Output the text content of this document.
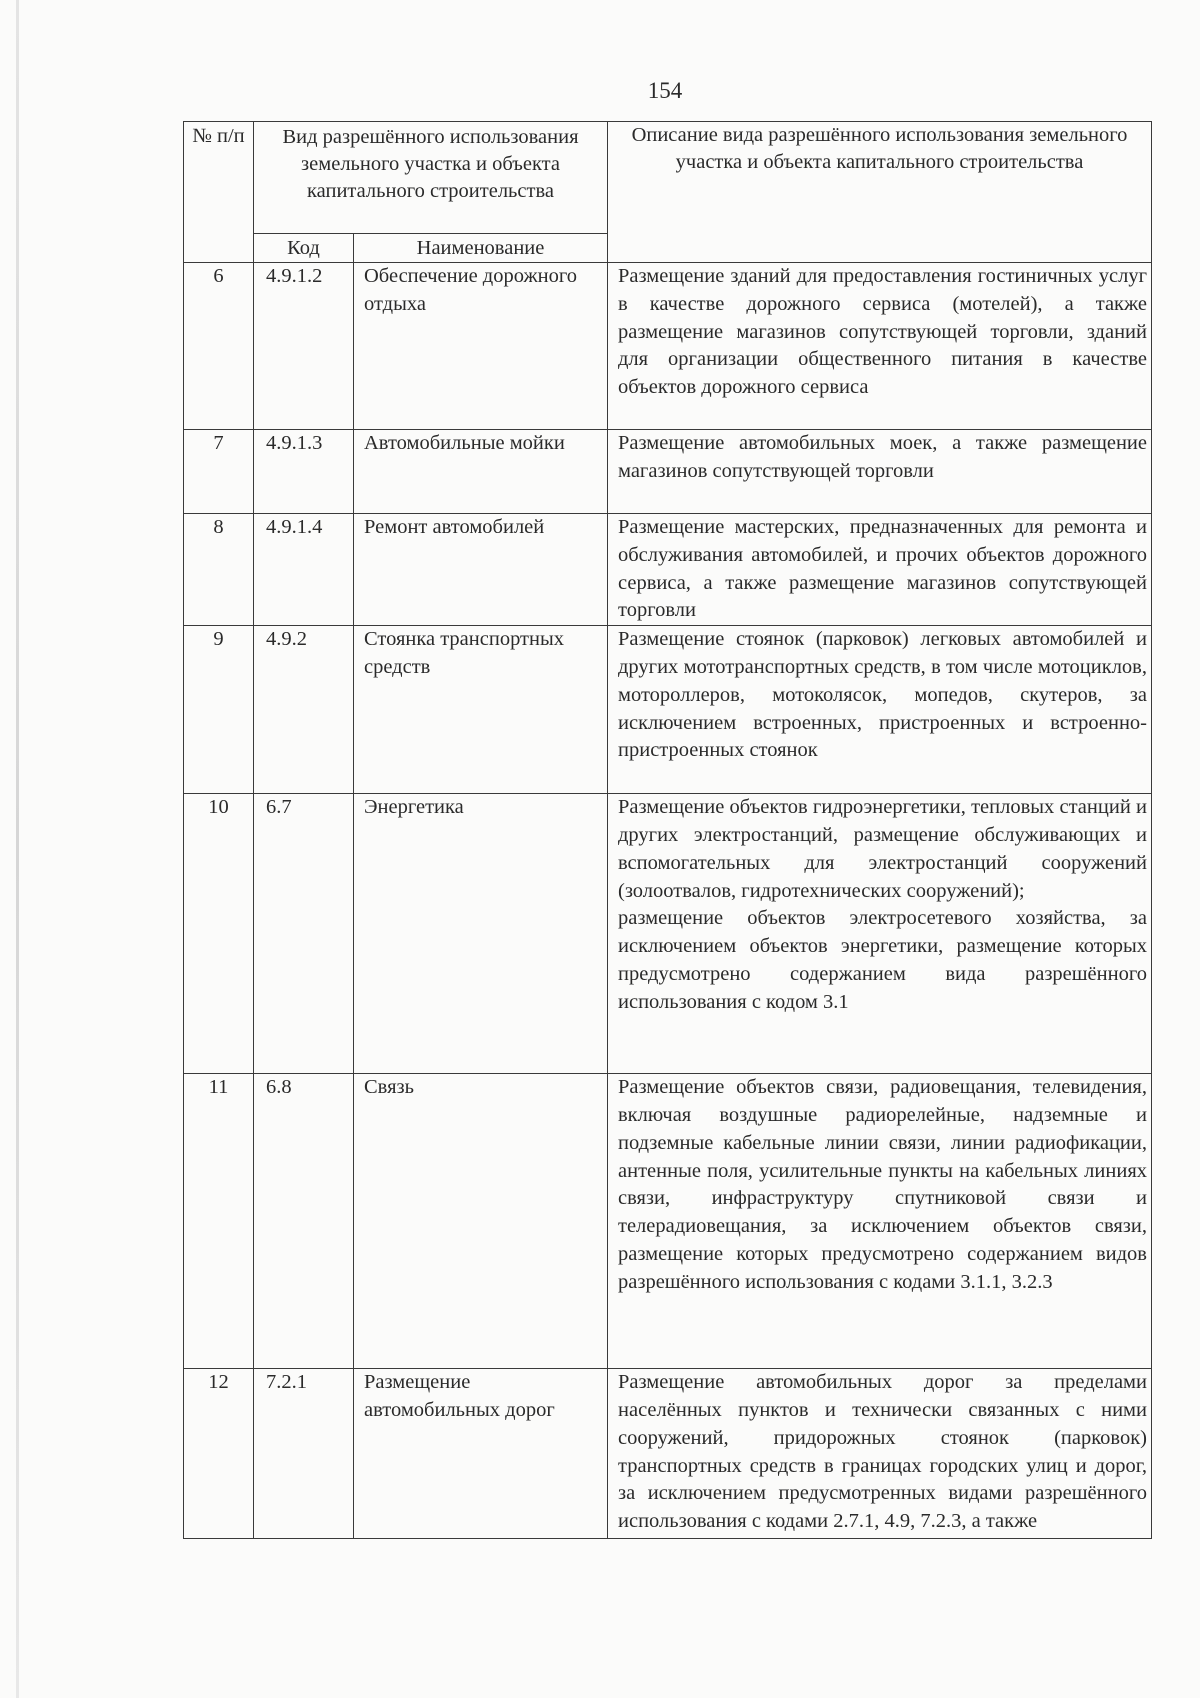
154
№ п/п	Вид разрешённого использования земельного участка и объекта капитального строительства		Описание вида разрешённого использования земельного участка и объекта капитального строительства
	Код	Наименование	
6	4.9.1.2	Обеспечение дорожного отдыха	Размещение зданий для предоставления гостиничных услуг в качестве дорожного сервиса (мотелей), а также размещение магазинов сопутствующей торговли, зданий для организации общественного питания в качестве объектов дорожного сервиса

7	4.9.1.3	Автомобильные мойки	Размещение автомобильных моек, а также размещение магазинов сопутствующей торговли

8	4.9.1.4	Ремонт автомобилей	Размещение мастерских, предназначенных для ремонта и обслуживания автомобилей, и прочих объектов дорожного сервиса, а также размещение магазинов сопутствующей торговли

9	4.9.2	Стоянка транспортных средств	Размещение стоянок (парковок) легковых автомобилей и других мототранспортных средств, в том числе мотоциклов, мотороллеров, мотоколясок, мопедов, скутеров, за исключением встроенных, пристроенных и встроенно-пристроенных стоянок

10	6.7	Энергетика	Размещение объектов гидроэнергетики, тепловых станций и других электростанций, размещение обслуживающих и вспомогательных для электростанций сооружений (золоотвалов, гидротехнических сооружений);
размещение объектов электросетевого хозяйства, за исключением объектов энергетики, размещение которых предусмотрено содержанием вида разрешённого использования с кодом 3.1

11	6.8	Связь	Размещение объектов связи, радиовещания, телевидения, включая воздушные радиорелейные, надземные и подземные кабельные линии связи, линии радиофикации, антенные поля, усилительные пункты на кабельных линиях связи, инфраструктуру спутниковой связи и телерадиовещания, за исключением объектов связи, размещение которых предусмотрено содержанием видов разрешённого использования с кодами 3.1.1, 3.2.3

12	7.2.1	Размещение автомобильных дорог	Размещение автомобильных дорог за пределами населённых пунктов и технически связанных с ними сооружений, придорожных стоянок (парковок) транспортных средств в границах городских улиц и дорог, за исключением предусмотренных видами разрешённого использования с кодами 2.7.1, 4.9, 7.2.3, а также
